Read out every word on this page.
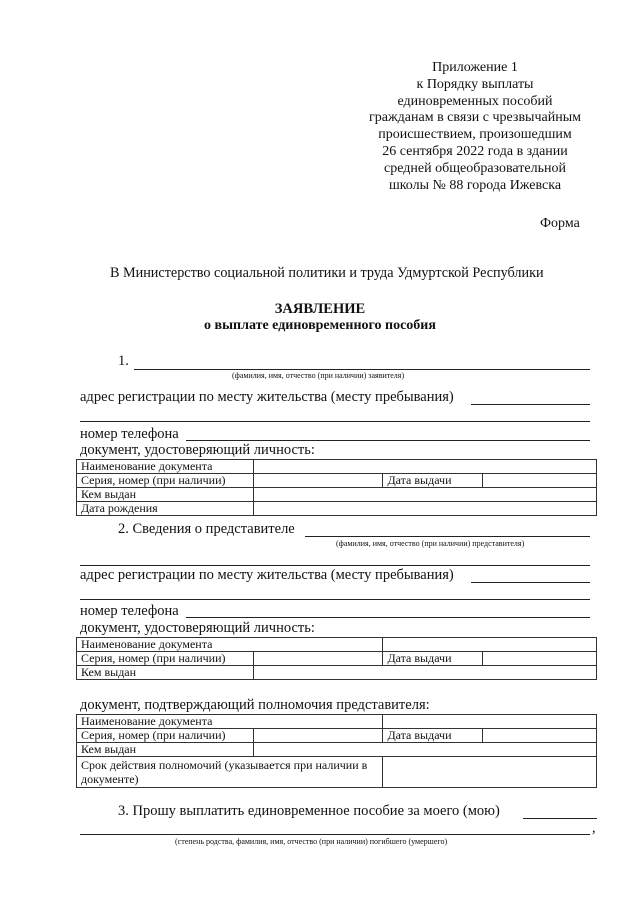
Приложение 1
к Порядку выплаты
единовременных пособий
гражданам в связи с чрезвычайным
происшествием, произошедшим
26 сентября 2022 года в здании
средней общеобразовательной
школы № 88 города Ижевска
Форма
В Министерство социальной политики и труда Удмуртской Республики
ЗАЯВЛЕНИЕ
о выплате единовременного пособия
1.
(фамилия, имя, отчество (при наличии) заявителя)
адрес регистрации по месту жительства (месту пребывания)
номер телефона
документ, удостоверяющий личность:
Наименование документа			
Серия, номер (при наличии)		Дата выдачи	
Кем выдан			
Дата рождения			
2. Сведения о представителе
(фамилия, имя, отчество (при наличии) представителя)
адрес регистрации по месту жительства (месту пребывания)
номер телефона
документ, удостоверяющий личность:
Наименование документа			
Серия, номер (при наличии)		Дата выдачи	
Кем выдан			
документ, подтверждающий полномочия представителя:
Наименование документа			
Серия, номер (при наличии)		Дата выдачи	
Кем выдан			
Срок действия полномочий (указывается при наличии в документе)			
3. Прошу выплатить единовременное пособие за моего (мою)
,
(степень родства, фамилия, имя, отчество (при наличии) погибшего (умершего)
